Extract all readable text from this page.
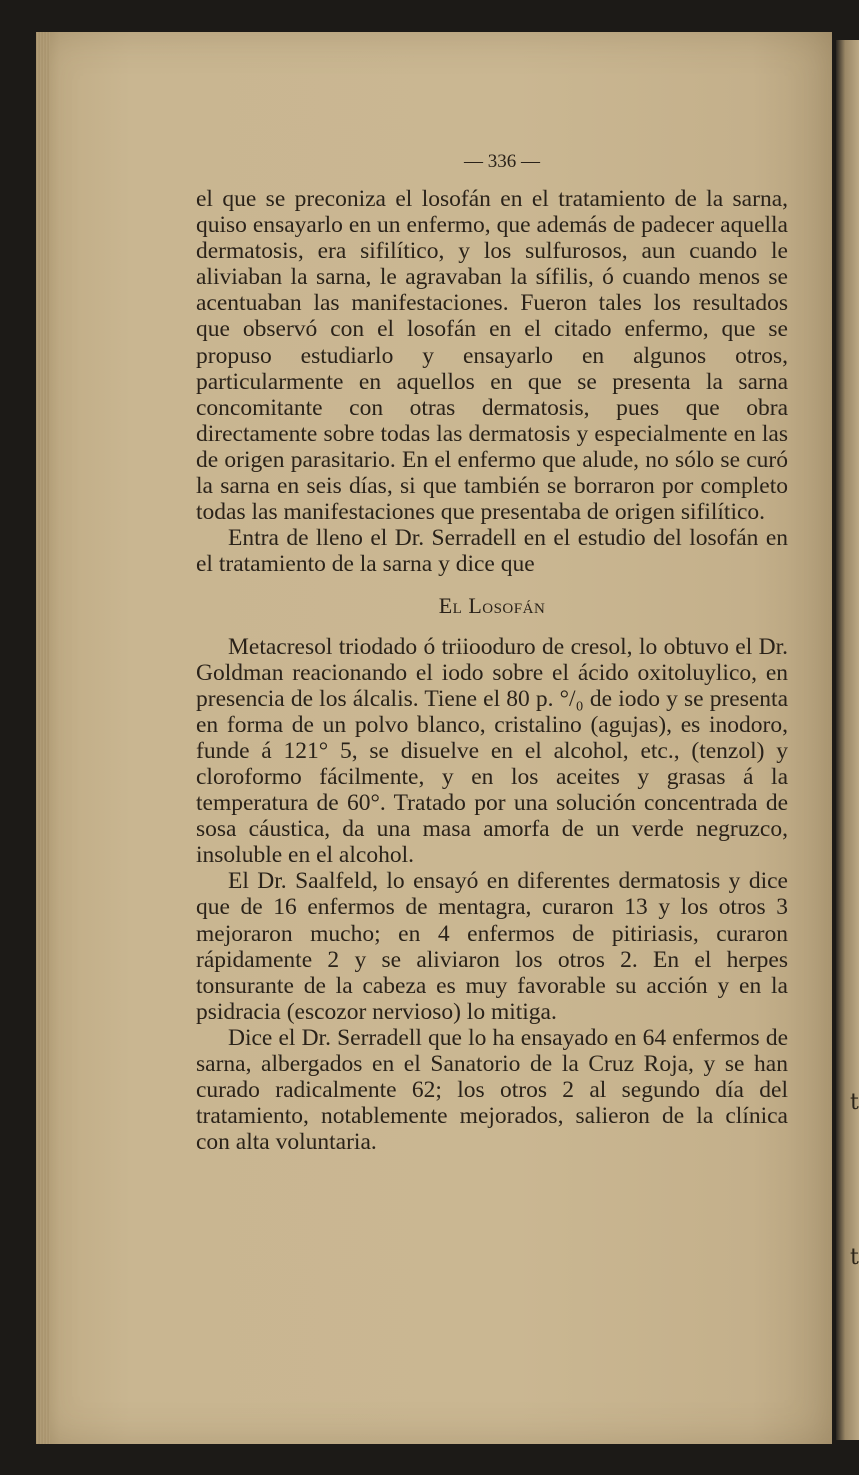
t
t

— 336 —

el que se preconiza el losofán en el tratamiento de la sarna, quiso ensayarlo en un enfermo, que además de padecer aquella dermatosis, era sifilítico, y los sulfurosos, aun cuando le aliviaban la sarna, le agravaban la sífilis, ó cuando menos se acentuaban las manifestaciones. Fueron tales los resultados que observó con el losofán en el citado enfermo, que se propuso estudiarlo y ensayarlo en algunos otros, particularmente en aquellos en que se presenta la sarna concomitante con otras dermatosis, pues que obra directamente sobre todas las dermatosis y especialmente en las de origen parasitario. En el enfermo que alude, no sólo se curó la sarna en seis días, si que también se borraron por completo todas las manifestaciones que presentaba de origen sifilítico.

Entra de lleno el Dr. Serradell en el estudio del losofán en el tratamiento de la sarna y dice que

El Losofán

Metacresol triodado ó triiooduro de cresol, lo obtuvo el Dr. Goldman reacionando el iodo sobre el ácido oxitoluylico, en presencia de los álcalis. Tiene el 80 p. °/₀ de iodo y se presenta en forma de un polvo blanco, cristalino (agujas), es inodoro, funde á 121° 5, se disuelve en el alcohol, etc., (tenzol) y cloroformo fácilmente, y en los aceites y grasas á la temperatura de 60°. Tratado por una solución concentrada de sosa cáustica, da una masa amorfa de un verde negruzco, insoluble en el alcohol.

El Dr. Saalfeld, lo ensayó en diferentes dermatosis y dice que de 16 enfermos de mentagra, curaron 13 y los otros 3 mejoraron mucho; en 4 enfermos de pitiriasis, curaron rápidamente 2 y se aliviaron los otros 2. En el herpes tonsurante de la cabeza es muy favorable su acción y en la psidracia (escozor nervioso) lo mitiga.

Dice el Dr. Serradell que lo ha ensayado en 64 enfermos de sarna, albergados en el Sanatorio de la Cruz Roja, y se han curado radicalmente 62; los otros 2 al segundo día del tratamiento, notablemente mejorados, salieron de la clínica con alta voluntaria.
